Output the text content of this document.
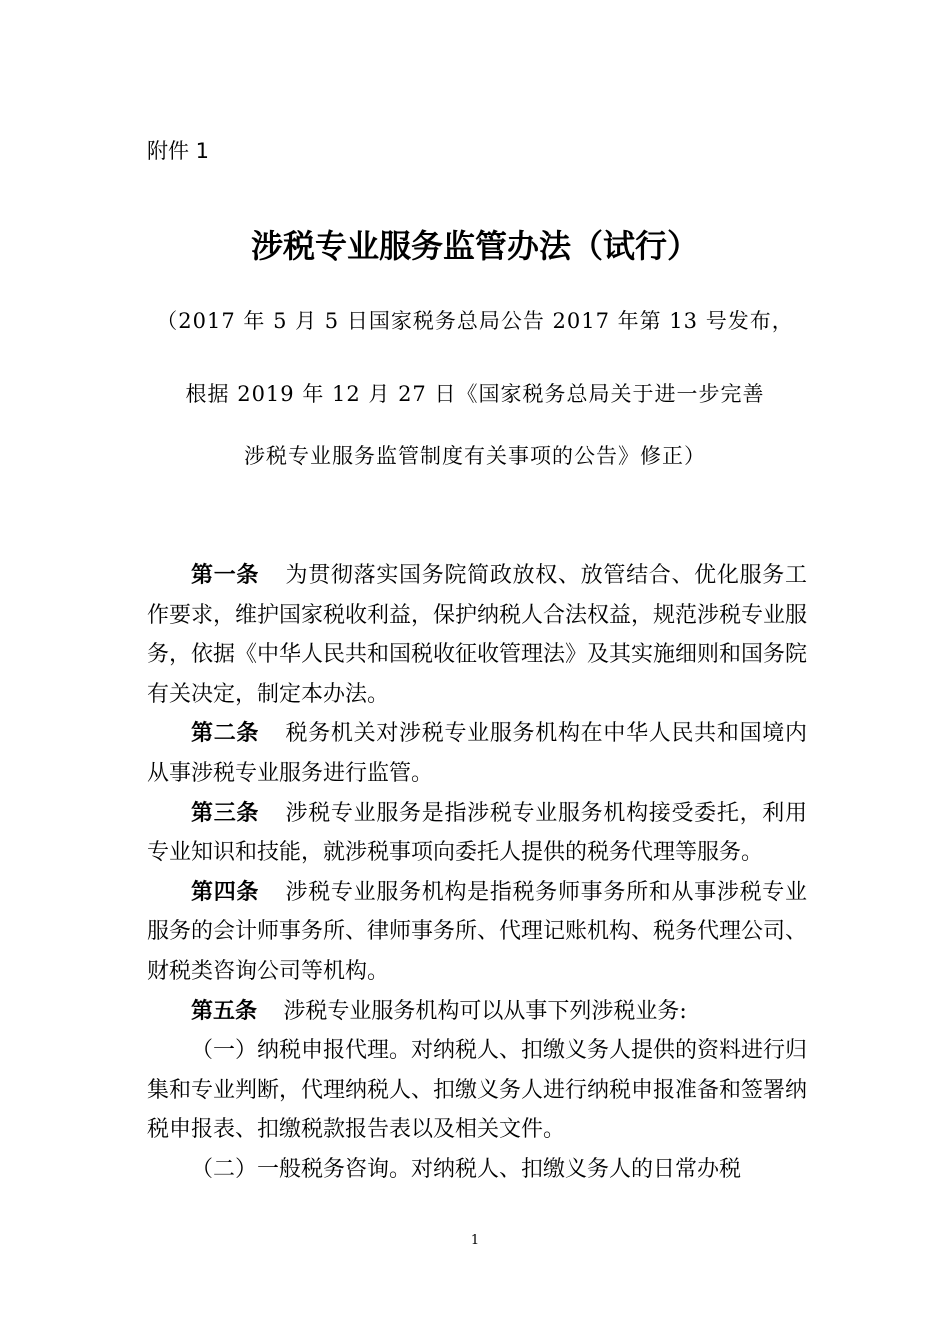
附件 1

涉税专业服务监管办法（试行）

（2017 年 5 月 5 日国家税务总局公告 2017 年第 13 号发布，

根据 2019 年 12 月 27 日《国家税务总局关于进一步完善

涉税专业服务监管制度有关事项的公告》修正）

第一条 为贯彻落实国务院简政放权、放管结合、优化服务工作要求，维护国家税收利益，保护纳税人合法权益，规范涉税专业服务，依据《中华人民共和国税收征收管理法》及其实施细则和国务院有关决定，制定本办法。

第二条 税务机关对涉税专业服务机构在中华人民共和国境内从事涉税专业服务进行监管。

第三条 涉税专业服务是指涉税专业服务机构接受委托，利用专业知识和技能，就涉税事项向委托人提供的税务代理等服务。

第四条 涉税专业服务机构是指税务师事务所和从事涉税专业服务的会计师事务所、律师事务所、代理记账机构、税务代理公司、财税类咨询公司等机构。

第五条 涉税专业服务机构可以从事下列涉税业务:

（一）纳税申报代理。对纳税人、扣缴义务人提供的资料进行归集和专业判断，代理纳税人、扣缴义务人进行纳税申报准备和签署纳税申报表、扣缴税款报告表以及相关文件。

（二）一般税务咨询。对纳税人、扣缴义务人的日常办税

1
